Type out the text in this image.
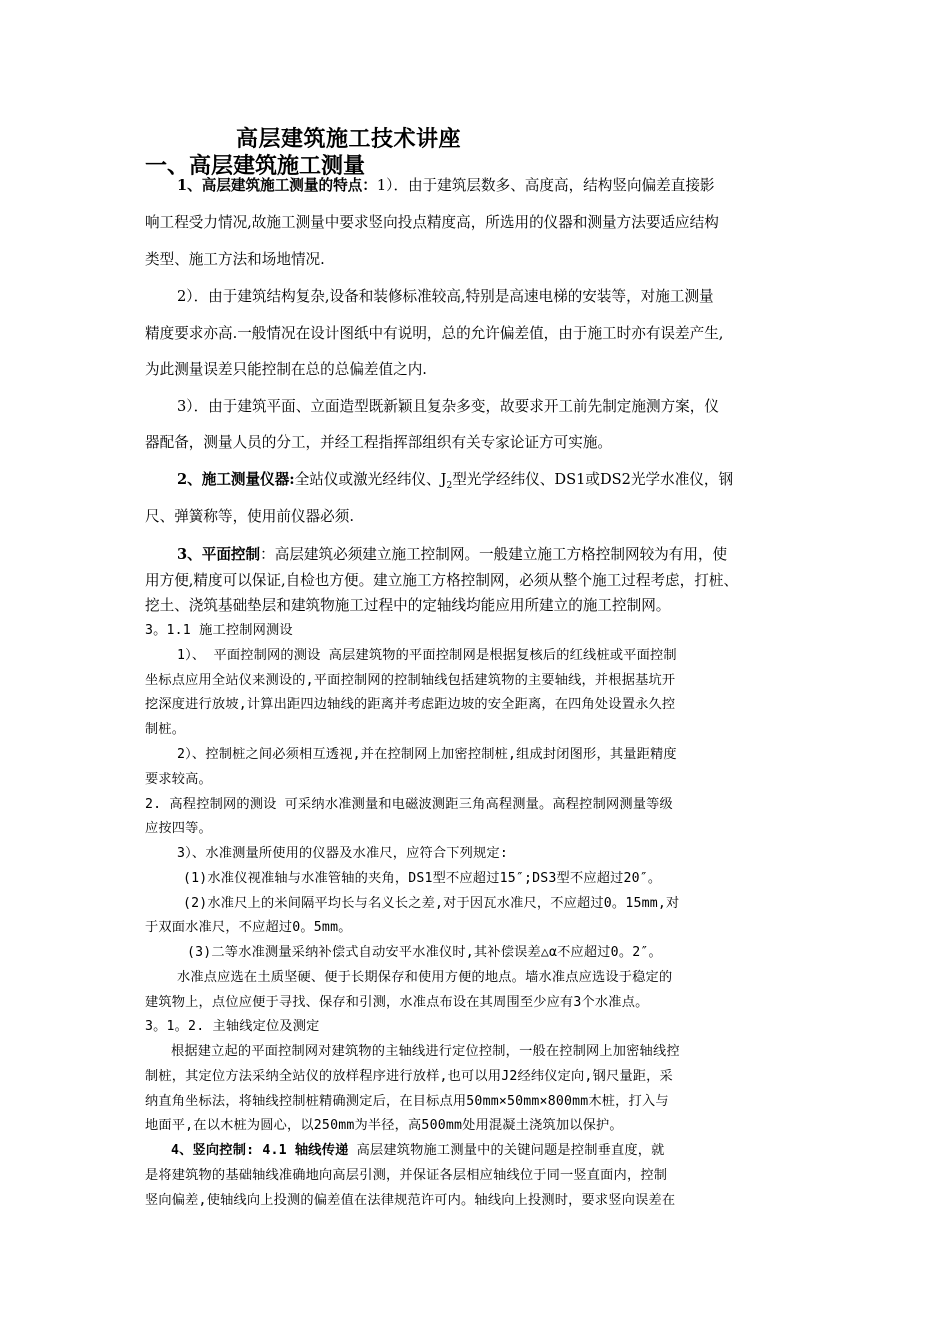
高层建筑施工技术讲座
一、高层建筑施工测量
1、高层建筑施工测量的特点：1）．由于建筑层数多、高度高，结构竖向偏差直接影
响工程受力情况,故施工测量中要求竖向投点精度高，所选用的仪器和测量方法要适应结构
类型、施工方法和场地情况.
2）．由于建筑结构复杂,设备和装修标准较高,特别是高速电梯的安装等，对施工测量
精度要求亦高.一般情况在设计图纸中有说明，总的允许偏差值，由于施工时亦有误差产生,
为此测量误差只能控制在总的总偏差值之内.
3）．由于建筑平面、立面造型既新颖且复杂多变，故要求开工前先制定施测方案，仪
器配备，测量人员的分工，并经工程指挥部组织有关专家论证方可实施。
2、施工测量仪器:全站仪或激光经纬仪、$J_2$型光学经纬仪、DS1或DS2光学水准仪，钢
尺、弹簧称等，使用前仪器必须.
3、平面控制：高层建筑必须建立施工控制网。一般建立施工方格控制网较为有用，使
用方便,精度可以保证,自检也方便。建立施工方格控制网，必须从整个施工过程考虑，打桩、
挖土、浇筑基础垫层和建筑物施工过程中的定轴线均能应用所建立的施工控制网。
3。1.1 施工控制网测设
1）、 平面控制网的测设 高层建筑物的平面控制网是根据复核后的红线桩或平面控制
坐标点应用全站仪来测设的,平面控制网的控制轴线包括建筑物的主要轴线，并根据基坑开
挖深度进行放坡,计算出距四边轴线的距离并考虑距边坡的安全距离，在四角处设置永久控
制桩。
2）、控制桩之间必须相互透视,并在控制网上加密控制桩,组成封闭图形，其量距精度
要求较高。
2. 高程控制网的测设 可采纳水准测量和电磁波测距三角高程测量。高程控制网测量等级
应按四等。
3）、水准测量所使用的仪器及水准尺，应符合下列规定:
(1)水准仪视准轴与水准管轴的夹角，DS1型不应超过15″;DS3型不应超过20″。
(2)水准尺上的米间隔平均长与名义长之差,对于因瓦水准尺，不应超过0。15mm,对
于双面水准尺，不应超过0。5mm。
(3)二等水准测量采纳补偿式自动安平水准仪时,其补偿误差△α不应超过0。2″。
水准点应选在土质坚硬、便于长期保存和使用方便的地点。墙水准点应选设于稳定的
建筑物上，点位应便于寻找、保存和引测，水准点布设在其周围至少应有3个水准点。
3。1。2. 主轴线定位及测定
根据建立起的平面控制网对建筑物的主轴线进行定位控制，一般在控制网上加密轴线控
制桩，其定位方法采纳全站仪的放样程序进行放样,也可以用J2经纬仪定向,钢尺量距，采
纳直角坐标法，将轴线控制桩精确测定后，在目标点用50mm×50mm×800mm木桩，打入与
地面平,在以木桩为圆心，以250mm为半径，高500mm处用混凝土浇筑加以保护。
4、竖向控制: 4.1 轴线传递 高层建筑物施工测量中的关键问题是控制垂直度，就
是将建筑物的基础轴线准确地向高层引测，并保证各层相应轴线位于同一竖直面内，控制
竖向偏差,使轴线向上投测的偏差值在法律规范许可内。轴线向上投测时，要求竖向误差在
